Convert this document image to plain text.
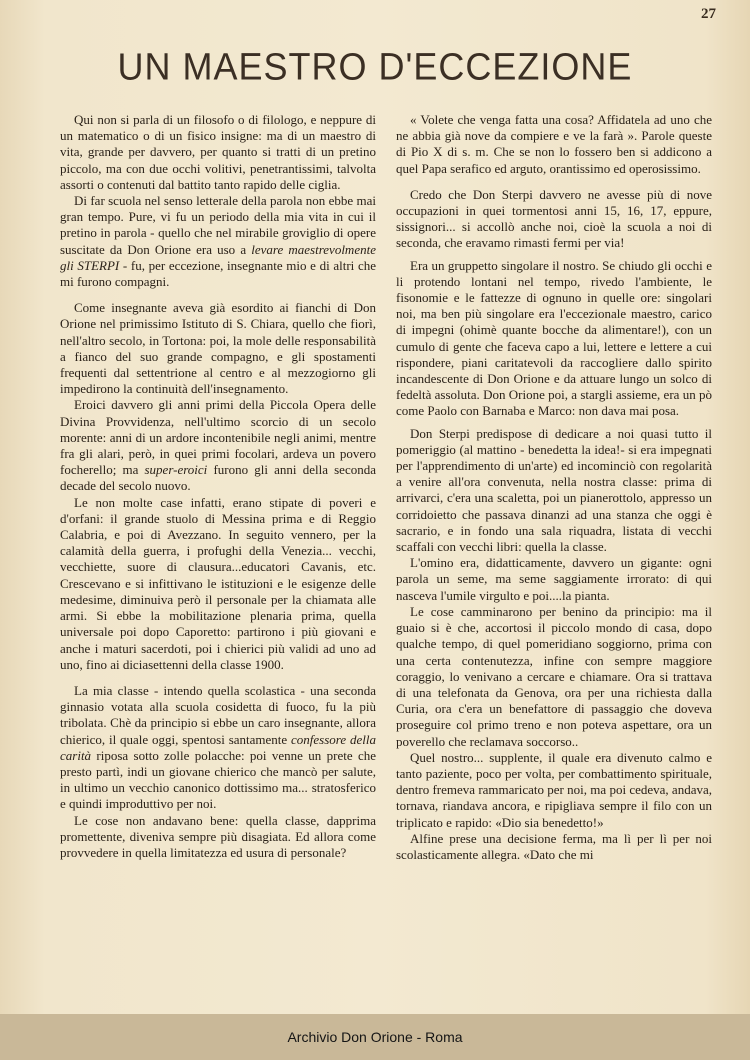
27
UN MAESTRO D'ECCEZIONE

Qui non si parla di un filosofo o di filologo, e neppure di un matematico o di un fisico insigne: ma di un maestro di vita, grande per davvero, per quanto si tratti di un pretino piccolo, ma con due occhi volitivi, penetrantissimi, talvolta assorti o contenuti dal battito tanto rapido delle ciglia.

Di far scuola nel senso letterale della parola non ebbe mai gran tempo. Pure, vi fu un periodo della mia vita in cui il pretino in parola - quello che nel mirabile groviglio di opere suscitate da Don Orione era uso a levare maestrevolmente gli STERPI - fu, per eccezione, insegnante mio e di altri che mi furono compagni.

Come insegnante aveva già esordito ai fianchi di Don Orione nel primissimo Istituto di S. Chiara, quello che fiorì, nell'altro secolo, in Tortona: poi, la mole delle responsabilità a fianco del suo grande compagno, e gli spostamenti frequenti dal settentrione al centro e al mezzogiorno gli impedirono la continuità dell'insegnamento.

Eroici davvero gli anni primi della Piccola Opera delle Divina Provvidenza, nell'ultimo scorcio di un secolo morente: anni di un ardore incontenibile negli animi, mentre fra gli alari, però, in quei primi focolari, ardeva un povero focherello; ma super-eroici furono gli anni della seconda decade del secolo nuovo.

Le non molte case infatti, erano stipate di poveri e d'orfani: il grande stuolo di Messina prima e di Reggio Calabria, e poi di Avezzano. In seguito vennero, per la calamità della guerra, i profughi della Venezia... vecchi, vecchiette, suore di clausura...educatori Cavanis, etc. Crescevano e si infittivano le istituzioni e le esigenze delle medesime, diminuiva però il personale per la chiamata alle armi. Si ebbe la mobilitazione plenaria prima, quella universale poi dopo Caporetto: partirono i più giovani e anche i maturi sacerdoti, poi i chierici più validi ad uno ad uno, fino ai diciasettenni della classe 1900.

La mia classe - intendo quella scolastica - una seconda ginnasio votata alla scuola cosidetta di fuoco, fu la più tribolata. Chè da principio si ebbe un caro insegnante, allora chierico, il quale oggi, spentosi santamente confessore della carità riposa sotto zolle polacche: poi venne un prete che presto partì, indi un giovane chierico che mancò per salute, in ultimo un vecchio canonico dottissimo ma... stratosferico e quindi improduttivo per noi.

Le cose non andavano bene: quella classe, dapprima promettente, diveniva sempre più disagiata. Ed allora come provvedere in quella limitatezza ed usura di personale?

« Volete che venga fatta una cosa? Affidatela ad uno che ne abbia già nove da compiere e ve la farà ». Parole queste di Pio X di s. m. Che se non lo fossero ben si addicono a quel Papa serafico ed arguto, orantissimo ed operosissimo.

Credo che Don Sterpi davvero ne avesse più di nove occupazioni in quei tormentosi anni 15, 16, 17, eppure, sissignori... si accollò anche noi, cioè la scuola a noi di seconda, che eravamo rimasti fermi per via!

Era un gruppetto singolare il nostro. Se chiudo gli occhi e li protendo lontani nel tempo, rivedo l'ambiente, le fisonomie e le fattezze di ognuno in quelle ore: singolari noi, ma ben più singolare era l'eccezionale maestro, carico di impegni (ohimè quante bocche da alimentare!), con un cumulo di gente che faceva capo a lui, lettere e lettere a cui rispondere, piani caritatevoli da raccogliere dallo spirito incandescente di Don Orione e da attuare lungo un solco di fedeltà assoluta. Don Orione poi, a stargli assieme, era un pò come Paolo con Barnaba e Marco: non dava mai posa.

Don Sterpi predispose di dedicare a noi quasi tutto il pomeriggio (al mattino - benedetta la idea!- si era impegnati per l'apprendimento di un'arte) ed incominciò con regolarità a venire all'ora convenuta, nella nostra classe: prima di arrivarci, c'era una scaletta, poi un pianerottolo, appresso un corridoietto che passava dinanzi ad una stanza che oggi è sacrario, e in fondo una sala riquadra, listata di vecchi scaffali con vecchi libri: quella la classe.

L'omino era, didatticamente, davvero un gigante: ogni parola un seme, ma seme saggiamente irrorato: di qui nasceva l'umile virgulto e poi....la pianta.

Le cose camminarono per benino da principio: ma il guaio si è che, accortosi il piccolo mondo di casa, dopo qualche tempo, di quel pomeridiano soggiorno, prima con una certa contenutezza, infine con sempre maggiore coraggio, lo venivano a cercare e chiamare. Ora si trattava di una telefonata da Genova, ora per una richiesta dalla Curia, ora c'era un benefattore di passaggio che doveva proseguire col primo treno e non poteva aspettare, ora un poverello che reclamava soccorso..

Quel nostro... supplente, il quale era divenuto calmo e tanto paziente, poco per volta, per combattimento spirituale, dentro fremeva rammaricato per noi, ma poi cedeva, andava, tornava, riandava ancora, e ripigliava sempre il filo con un triplicato e rapido: «Dio sia benedetto!»

Alfine prese una decisione ferma, ma lì per lì per noi scolasticamente allegra. «Dato che mi

Archivio Don Orione - Roma
